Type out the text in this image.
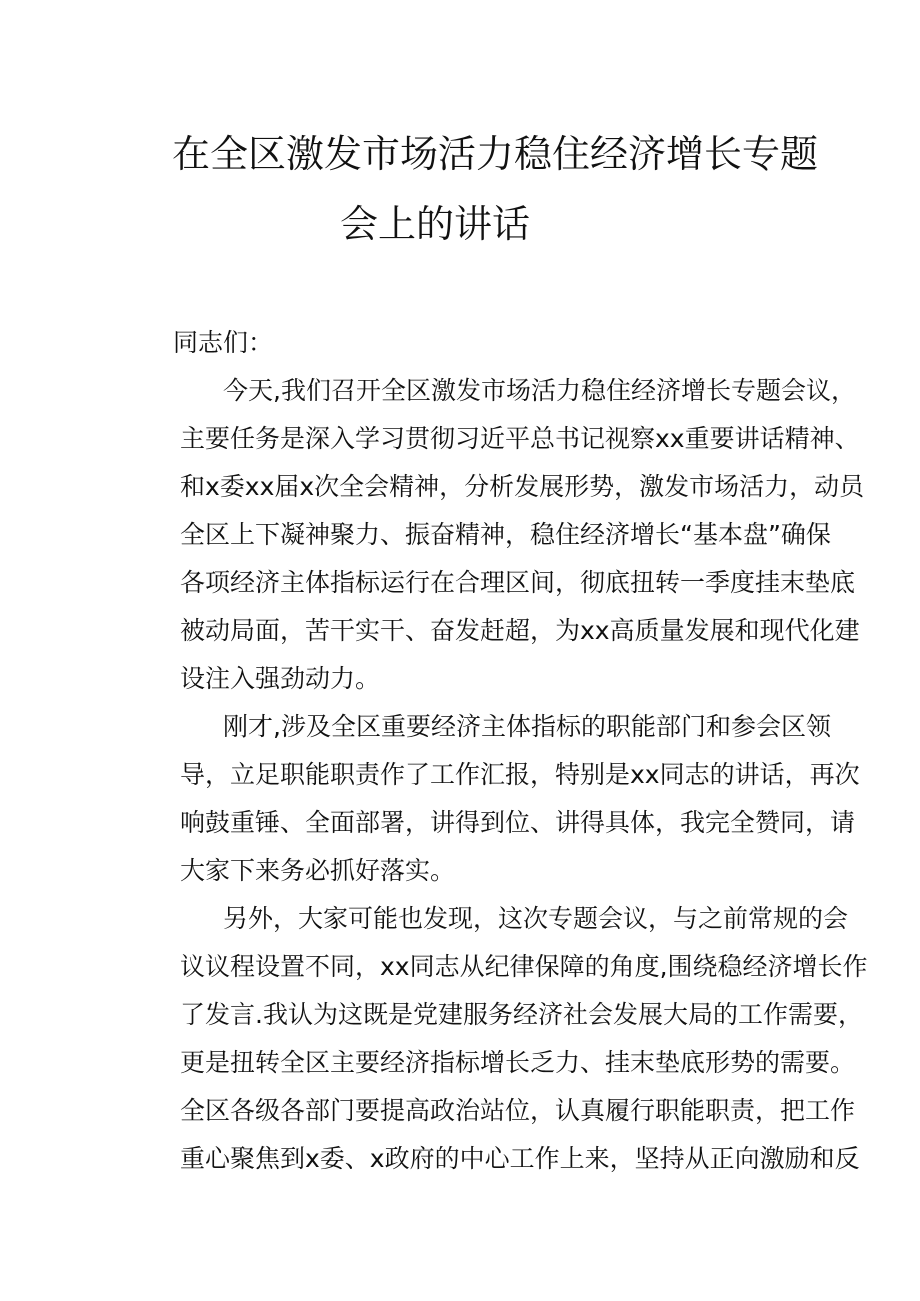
在全区激发市场活力稳住经济增长专题
会上的讲话
同志们：
今天,我们召开全区激发市场活力稳住经济增长专题会议，
主要任务是深入学习贯彻习近平总书记视察xx重要讲话精神、
和x委xx届x次全会精神，分析发展形势，激发市场活力，动员
全区上下凝神聚力、振奋精神，稳住经济增长“基本盘”确保
各项经济主体指标运行在合理区间，彻底扭转一季度挂末垫底
被动局面，苦干实干、奋发赶超，为xx高质量发展和现代化建
设注入强劲动力。
刚才,涉及全区重要经济主体指标的职能部门和参会区领
导，立足职能职责作了工作汇报，特别是xx同志的讲话，再次
响鼓重锤、全面部署，讲得到位、讲得具体，我完全赞同，请
大家下来务必抓好落实。
另外，大家可能也发现，这次专题会议，与之前常规的会
议议程设置不同，xx同志从纪律保障的角度,围绕稳经济增长作
了发言.我认为这既是党建服务经济社会发展大局的工作需要，
更是扭转全区主要经济指标增长乏力、挂末垫底形势的需要。
全区各级各部门要提高政治站位，认真履行职能职责，把工作
重心聚焦到x委、x政府的中心工作上来，坚持从正向激励和反
